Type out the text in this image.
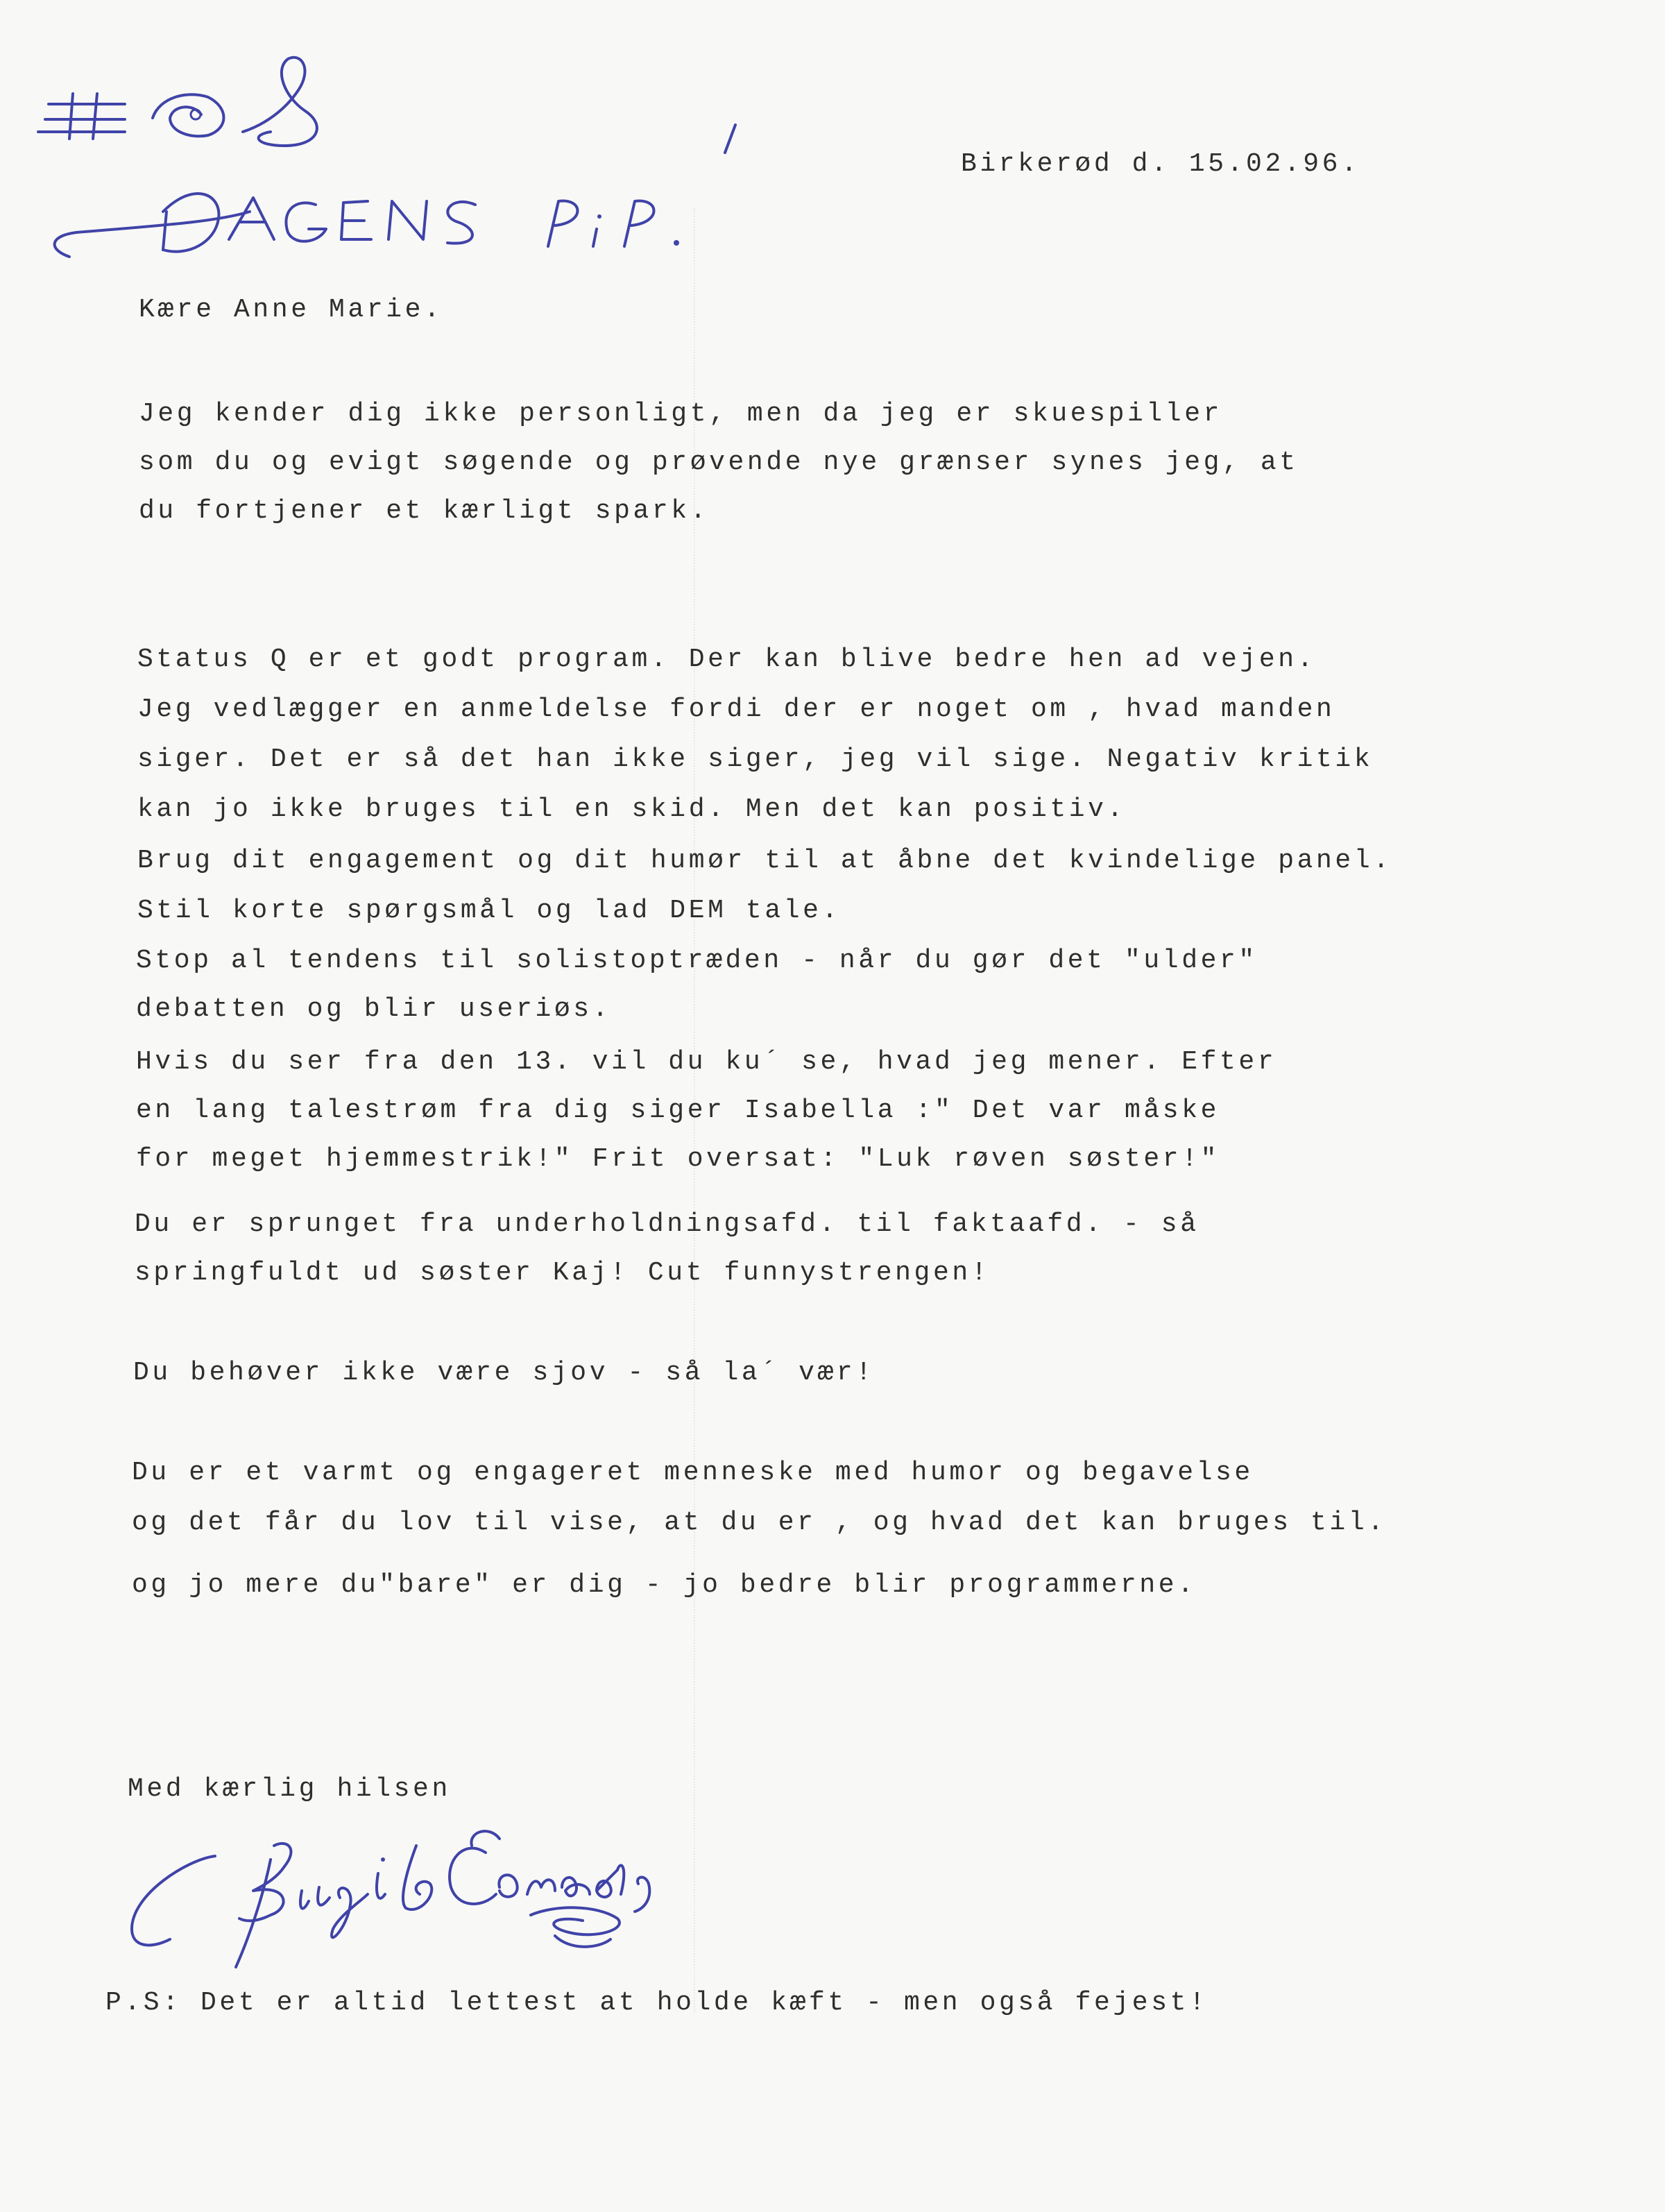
Birkerød d. 15.02.96.
Kære Anne Marie.
Jeg kender dig ikke personligt, men da jeg er skuespiller
som du og evigt søgende og prøvende nye grænser synes jeg, at
du fortjener et kærligt spark.
Status Q er et godt program. Der kan blive bedre hen ad vejen.
Jeg vedlægger en anmeldelse fordi der er noget om , hvad manden
siger. Det er så det han ikke siger, jeg vil sige. Negativ kritik
kan jo ikke bruges til en skid. Men det kan positiv.
Brug dit engagement og dit humør til at åbne det kvindelige panel.
Stil korte spørgsmål og lad DEM tale.
Stop al tendens til solistoptræden - når du gør det "ulder"
debatten og blir useriøs.
Hvis du ser fra den 13. vil du ku´ se, hvad jeg mener. Efter
en lang talestrøm fra dig siger Isabella :" Det var måske
for meget hjemmestrik!" Frit oversat: "Luk røven søster!"
Du er sprunget fra underholdningsafd. til faktaafd. - så
springfuldt ud søster Kaj! Cut funnystrengen!
Du behøver ikke være sjov - så la´ vær!
Du er et varmt og engageret menneske med humor og begavelse
og det får du lov til vise, at du er , og hvad det kan bruges til.
og jo mere du"bare" er dig - jo bedre blir programmerne.
Med kærlig hilsen
P.S: Det er altid lettest at holde kæft - men også fejest!
